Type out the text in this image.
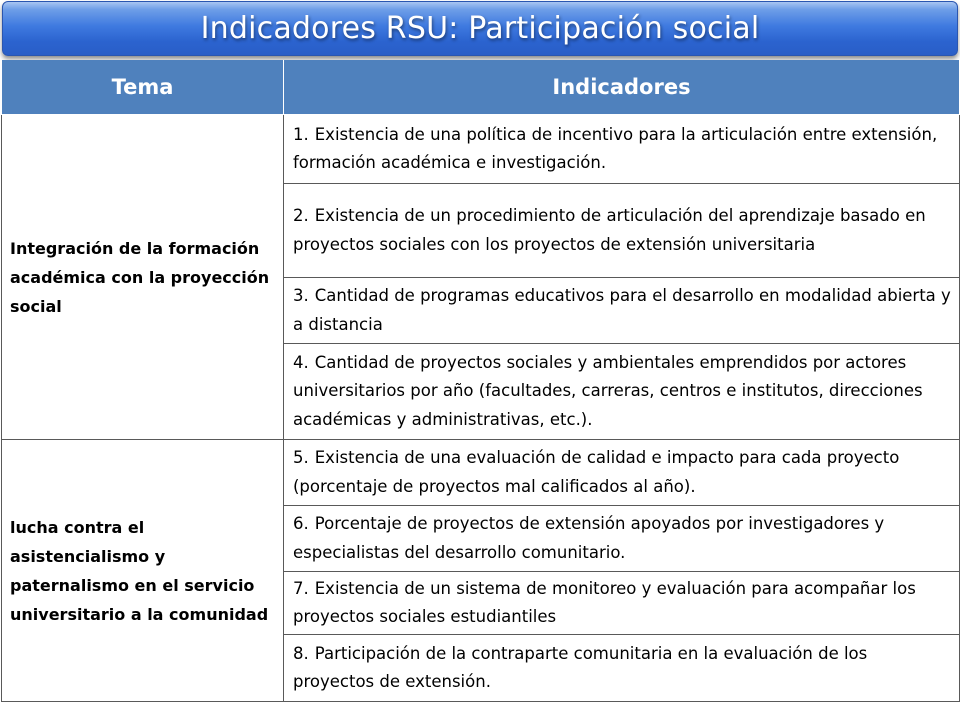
Indicadores RSU: Participación social
Tema	Indicadores
Integración de la formación académica con la proyección social	1. Existencia de una política de incentivo para la articulación entre extensión, formación académica e investigación.
	2. Existencia de un procedimiento de articulación del aprendizaje basado en proyectos sociales con los proyectos de extensión universitaria
	3. Cantidad de programas educativos para el desarrollo en modalidad abierta y a distancia
	4. Cantidad de proyectos sociales y ambientales emprendidos por actores universitarios por año (facultades, carreras, centros e institutos, direcciones académicas y administrativas, etc.).
lucha contra el asistencialismo y paternalismo en el servicio universitario a la comunidad	5. Existencia de una evaluación de calidad e impacto para cada proyecto (porcentaje de proyectos mal calificados al año).
	6. Porcentaje de proyectos de extensión apoyados por investigadores y especialistas del desarrollo comunitario.
	7. Existencia de un sistema de monitoreo y evaluación para acompañar los proyectos sociales estudiantiles
	8. Participación de la contraparte comunitaria en la evaluación de los proyectos de extensión.
